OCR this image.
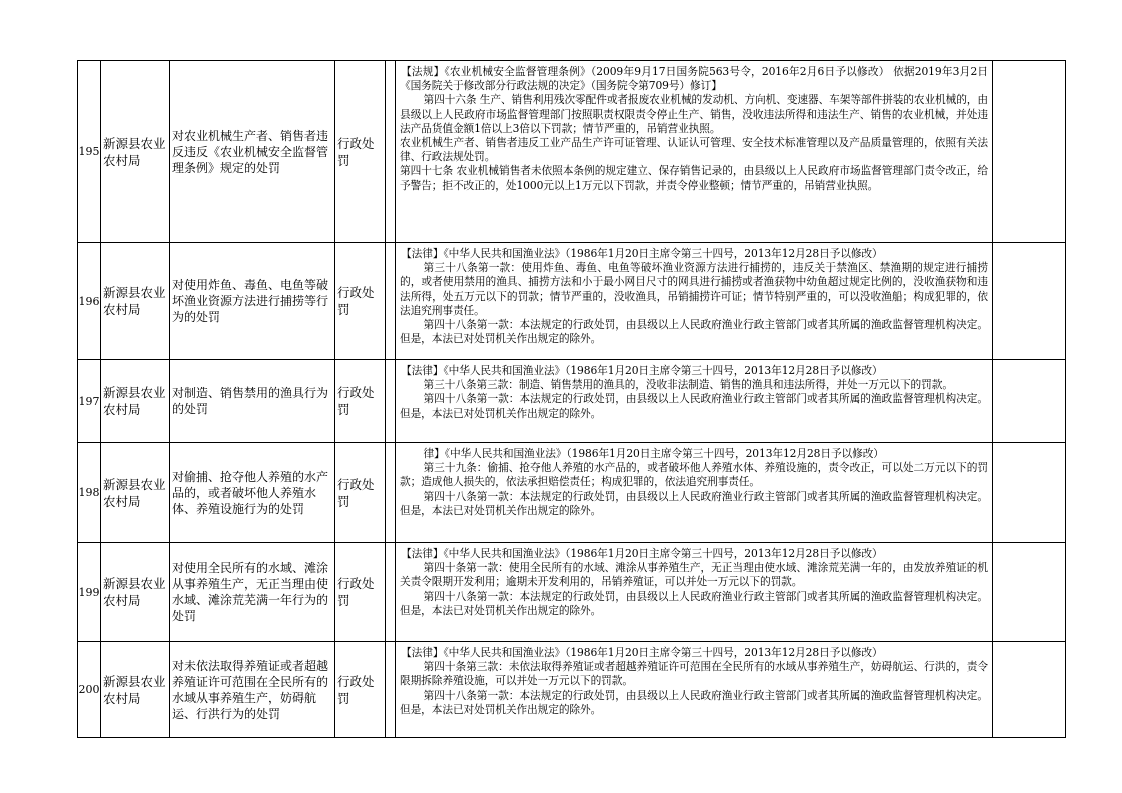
195	新源县农业农村局	对农业机械生产者、销售者违反违反《农业机械安全监督管理条例》规定的处罚	行政处罚		【法规】《农业机械安全监督管理条例》（2009年9月17日国务院563号令，2016年2月6日予以修改） 依据2019年3月2日《国务院关于修改部分行政法规的决定》（国务院令第709号）修订】

第四十六条 生产、销售利用残次零配件或者报废农业机械的发动机、方向机、变速器、车架等部件拼装的农业机械的，由县级以上人民政府市场监督管理部门按照职责权限责令停止生产、销售，没收违法所得和违法生产、销售的农业机械，并处违法产品货值金额1倍以上3倍以下罚款；情节严重的，吊销营业执照。

农业机械生产者、销售者违反工业产品生产许可证管理、认证认可管理、安全技术标准管理以及产品质量管理的，依照有关法律、行政法规处罚。

第四十七条 农业机械销售者未依照本条例的规定建立、保存销售记录的，由县级以上人民政府市场监督管理部门责令改正，给予警告；拒不改正的，处1000元以上1万元以下罚款，并责令停业整顿；情节严重的，吊销营业执照。	

196	新源县农业农村局	对使用炸鱼、毒鱼、电鱼等破坏渔业资源方法进行捕捞等行为的处罚	行政处罚		【法律】《中华人民共和国渔业法》（1986年1月20日主席令第三十四号，2013年12月28日予以修改）

第三十八条第一款：使用炸鱼、毒鱼、电鱼等破坏渔业资源方法进行捕捞的，违反关于禁渔区、禁渔期的规定进行捕捞的，或者使用禁用的渔具、捕捞方法和小于最小网目尺寸的网具进行捕捞或者渔获物中幼鱼超过规定比例的，没收渔获物和违法所得，处五万元以下的罚款；情节严重的，没收渔具，吊销捕捞许可证；情节特别严重的，可以没收渔船；构成犯罪的，依法追究刑事责任。

第四十八条第一款：本法规定的行政处罚，由县级以上人民政府渔业行政主管部门或者其所属的渔政监督管理机构决定。但是，本法已对处罚机关作出规定的除外。	

197	新源县农业农村局	对制造、销售禁用的渔具行为的处罚	行政处罚		【法律】《中华人民共和国渔业法》（1986年1月20日主席令第三十四号，2013年12月28日予以修改）

第三十八条第三款：制造、销售禁用的渔具的，没收非法制造、销售的渔具和违法所得，并处一万元以下的罚款。

第四十八条第一款：本法规定的行政处罚，由县级以上人民政府渔业行政主管部门或者其所属的渔政监督管理机构决定。但是，本法已对处罚机关作出规定的除外。	

198	新源县农业农村局	对偷捕、抢夺他人养殖的水产品的，或者破坏他人养殖水体、养殖设施行为的处罚	行政处罚		律】《中华人民共和国渔业法》（1986年1月20日主席令第三十四号，2013年12月28日予以修改）

第三十九条：偷捕、抢夺他人养殖的水产品的，或者破坏他人养殖水体、养殖设施的，责令改正，可以处二万元以下的罚款；造成他人损失的，依法承担赔偿责任；构成犯罪的，依法追究刑事责任。

第四十八条第一款：本法规定的行政处罚，由县级以上人民政府渔业行政主管部门或者其所属的渔政监督管理机构决定。但是，本法已对处罚机关作出规定的除外。	

199	新源县农业农村局	对使用全民所有的水域、滩涂从事养殖生产，无正当理由使水域、滩涂荒芜满一年行为的处罚	行政处罚		【法律】《中华人民共和国渔业法》（1986年1月20日主席令第三十四号，2013年12月28日予以修改）

第四十条第一款：使用全民所有的水域、滩涂从事养殖生产，无正当理由使水域、滩涂荒芜满一年的，由发放养殖证的机关责令限期开发利用；逾期未开发利用的，吊销养殖证，可以并处一万元以下的罚款。

第四十八条第一款：本法规定的行政处罚，由县级以上人民政府渔业行政主管部门或者其所属的渔政监督管理机构决定。但是，本法已对处罚机关作出规定的除外。	

200	新源县农业农村局	对未依法取得养殖证或者超越养殖证许可范围在全民所有的水域从事养殖生产，妨碍航运、行洪行为的处罚	行政处罚		【法律】《中华人民共和国渔业法》（1986年1月20日主席令第三十四号，2013年12月28日予以修改）

第四十条第三款：未依法取得养殖证或者超越养殖证许可范围在全民所有的水域从事养殖生产，妨碍航运、行洪的，责令限期拆除养殖设施，可以并处一万元以下的罚款。

第四十八条第一款：本法规定的行政处罚，由县级以上人民政府渔业行政主管部门或者其所属的渔政监督管理机构决定。但是，本法已对处罚机关作出规定的除外。	
